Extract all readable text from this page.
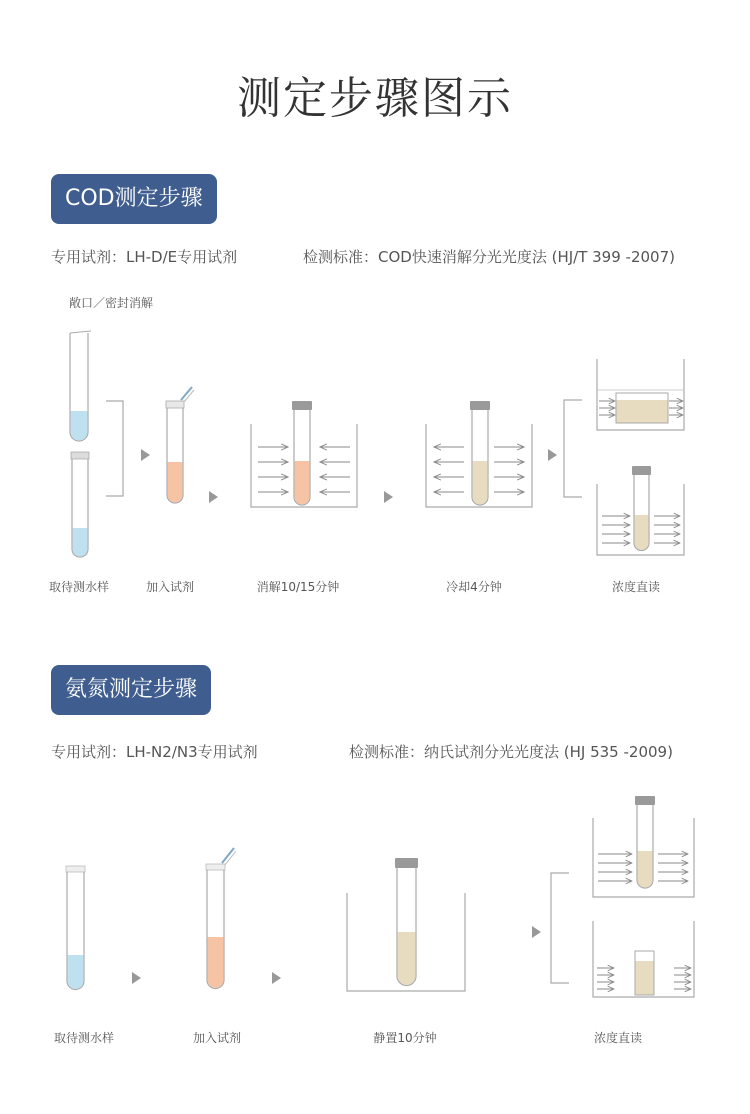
测定步骤图示
COD测定步骤
专用试剂：LH-D/E专用试剂	检测标准：COD快速消解分光光度法 (HJ/T 399 -2007)
敞口／密封消解
取待测水样	加入试剂	消解10/15分钟	冷却4分钟	浓度直读
氨氮测定步骤
专用试剂：LH-N2/N3专用试剂	检测标准：纳氏试剂分光光度法 (HJ 535 -2009)
取待测水样	加入试剂	静置10分钟	浓度直读
